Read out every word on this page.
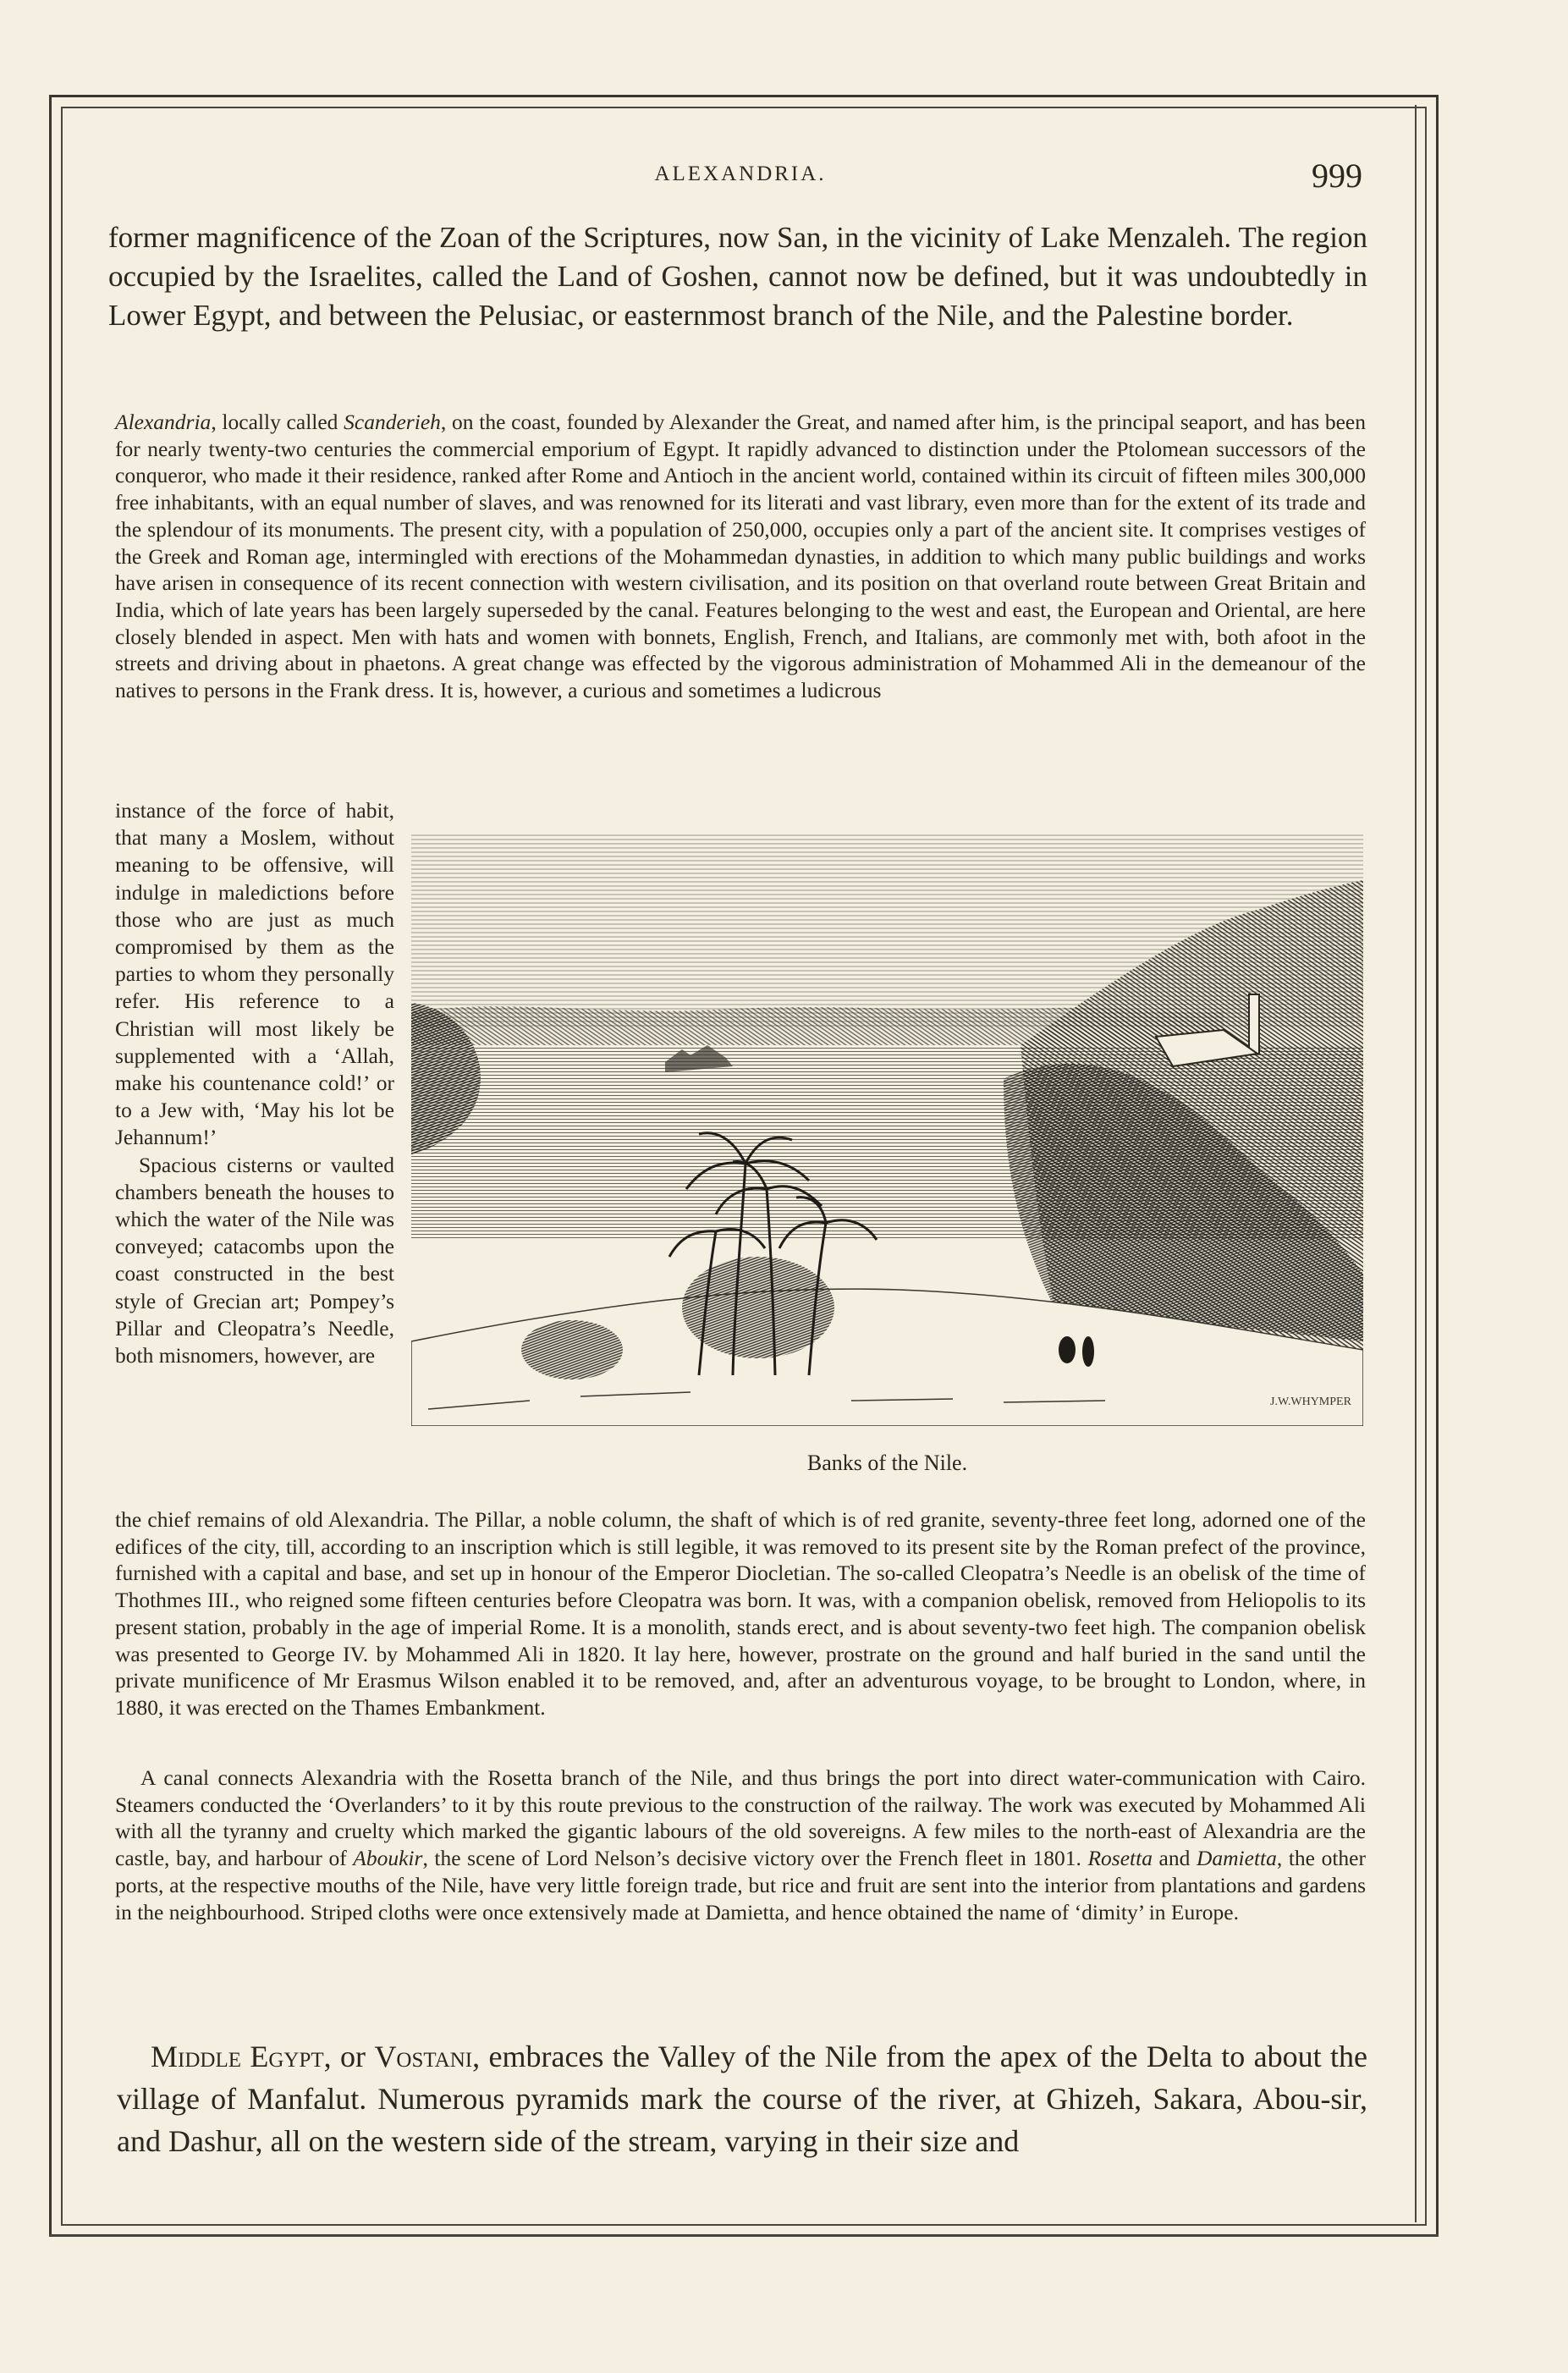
ALEXANDRIA.	999

former magnificence of the Zoan of the Scriptures, now San, in the vicinity of Lake Menzaleh. The region occupied by the Israelites, called the Land of Goshen, cannot now be defined, but it was undoubtedly in Lower Egypt, and between the Pelusiac, or easternmost branch of the Nile, and the Palestine border.

Alexandria, locally called Scanderieh, on the coast, founded by Alexander the Great, and named after him, is the principal seaport, and has been for nearly twenty-two centuries the commercial emporium of Egypt. It rapidly advanced to distinction under the Ptolomean successors of the conqueror, who made it their residence, ranked after Rome and Antioch in the ancient world, contained within its circuit of fifteen miles 300,000 free inhabitants, with an equal number of slaves, and was renowned for its literati and vast library, even more than for the extent of its trade and the splendour of its monuments. The present city, with a population of 250,000, occupies only a part of the ancient site. It comprises vestiges of the Greek and Roman age, intermingled with erections of the Mohammedan dynasties, in addition to which many public buildings and works have arisen in consequence of its recent connection with western civilisation, and its position on that overland route between Great Britain and India, which of late years has been largely superseded by the canal. Features belonging to the west and east, the European and Oriental, are here closely blended in aspect. Men with hats and women with bonnets, English, French, and Italians, are commonly met with, both afoot in the streets and driving about in phaetons. A great change was effected by the vigorous administration of Mohammed Ali in the demeanour of the natives to persons in the Frank dress. It is, however, a curious and sometimes a ludicrous

instance of the force of habit, that many a Moslem, without meaning to be offensive, will indulge in maledictions before those who are just as much compromised by them as the parties to whom they personally refer. His reference to a Christian will most likely be supplemented with a ‘Allah, make his countenance cold!’ or to a Jew with, ‘May his lot be Jehannum!’
Spacious cisterns or vaulted chambers beneath the houses to which the water of the Nile was conveyed; catacombs upon the coast constructed in the best style of Grecian art; Pompey’s Pillar and Cleopatra’s Needle, both misnomers, however, are

J.W.WHYMPER
Banks of the Nile.

the chief remains of old Alexandria. The Pillar, a noble column, the shaft of which is of red granite, seventy-three feet long, adorned one of the edifices of the city, till, according to an inscription which is still legible, it was removed to its present site by the Roman prefect of the province, furnished with a capital and base, and set up in honour of the Emperor Diocletian. The so-called Cleopatra’s Needle is an obelisk of the time of Thothmes III., who reigned some fifteen centuries before Cleopatra was born. It was, with a companion obelisk, removed from Heliopolis to its present station, probably in the age of imperial Rome. It is a monolith, stands erect, and is about seventy-two feet high. The companion obelisk was presented to George IV. by Mohammed Ali in 1820. It lay here, however, prostrate on the ground and half buried in the sand until the private munificence of Mr Erasmus Wilson enabled it to be removed, and, after an adventurous voyage, to be brought to London, where, in 1880, it was erected on the Thames Embankment.

A canal connects Alexandria with the Rosetta branch of the Nile, and thus brings the port into direct water-communication with Cairo. Steamers conducted the ‘Overlanders’ to it by this route previous to the construction of the railway. The work was executed by Mohammed Ali with all the tyranny and cruelty which marked the gigantic labours of the old sovereigns. A few miles to the north-east of Alexandria are the castle, bay, and harbour of Aboukir, the scene of Lord Nelson’s decisive victory over the French fleet in 1801. Rosetta and Damietta, the other ports, at the respective mouths of the Nile, have very little foreign trade, but rice and fruit are sent into the interior from plantations and gardens in the neighbourhood. Striped cloths were once extensively made at Damietta, and hence obtained the name of ‘dimity’ in Europe.

Middle Egypt, or Vostani, embraces the Valley of the Nile from the apex of the Delta to about the village of Manfalut. Numerous pyramids mark the course of the river, at Ghizeh, Sakara, Abou-sir, and Dashur, all on the western side of the stream, varying in their size and
